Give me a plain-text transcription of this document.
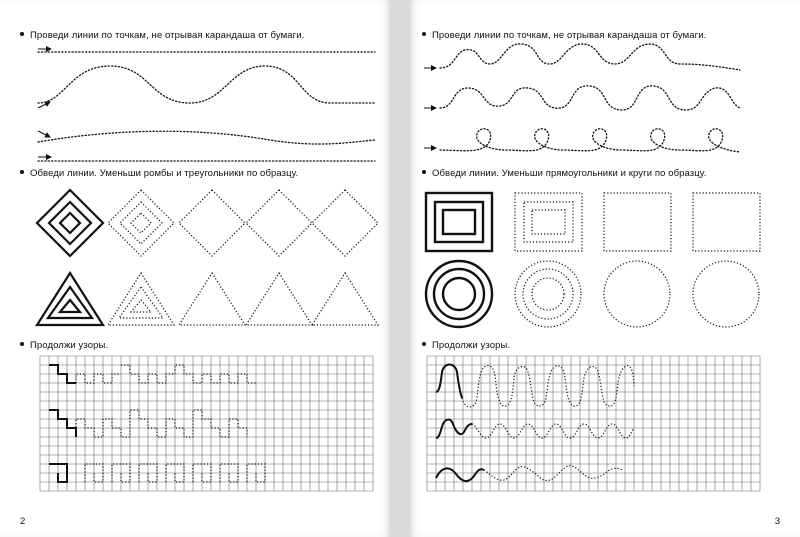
Проведи линии по точкам, не отрывая карандаша от бумаги.

Обведи линии. Уменьши ромбы и треугольники по образцу.

Продолжи узоры.

2

Проведи линии по точкам, не отрывая карандаша от бумаги.

Обведи линии. Уменьши прямоугольники и круги по образцу.

Продолжи узоры.

3
